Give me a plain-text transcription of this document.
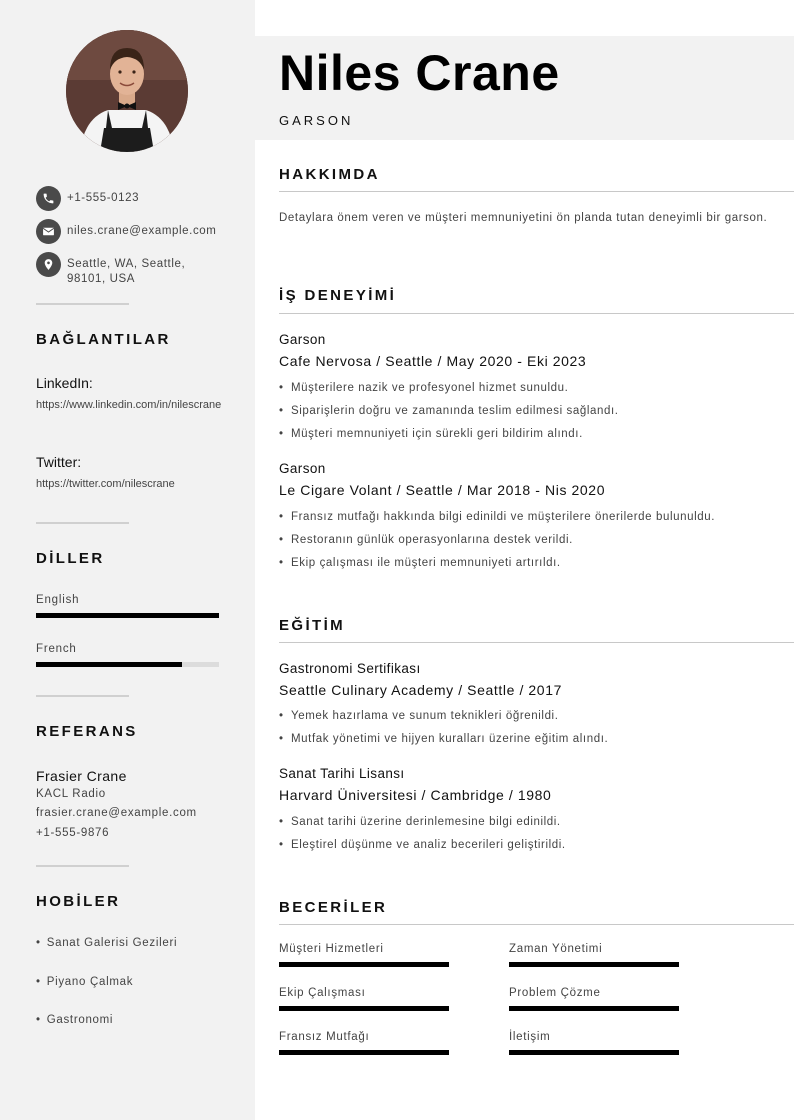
+1-555-0123
niles.crane@example.com
Seattle, WA, Seattle,
98101, USA
BAĞLANTILAR
LinkedIn:
https://www.linkedin.com/in/nilescrane
Twitter:
https://twitter.com/nilescrane
DİLLER
English
French
REFERANS
Frasier Crane
KACL Radio
frasier.crane@example.com
+1-555-9876
HOBİLER
• Sanat Galerisi Gezileri
• Piyano Çalmak
• Gastronomi
Niles Crane
GARSON
HAKKIMDA
Detaylara önem veren ve müşteri memnuniyetini ön planda tutan deneyimli bir garson.
İŞ DENEYİMİ
Garson
Cafe Nervosa / Seattle / May 2020 - Eki 2023
• Müşterilere nazik ve profesyonel hizmet sunuldu.
• Siparişlerin doğru ve zamanında teslim edilmesi sağlandı.
• Müşteri memnuniyeti için sürekli geri bildirim alındı.
Garson
Le Cigare Volant / Seattle / Mar 2018 - Nis 2020
• Fransız mutfağı hakkında bilgi edinildi ve müşterilere önerilerde bulunuldu.
• Restoranın günlük operasyonlarına destek verildi.
• Ekip çalışması ile müşteri memnuniyeti artırıldı.
EĞİTİM
Gastronomi Sertifikası
Seattle Culinary Academy / Seattle / 2017
• Yemek hazırlama ve sunum teknikleri öğrenildi.
• Mutfak yönetimi ve hijyen kuralları üzerine eğitim alındı.
Sanat Tarihi Lisansı
Harvard Üniversitesi / Cambridge / 1980
• Sanat tarihi üzerine derinlemesine bilgi edinildi.
• Eleştirel düşünme ve analiz becerileri geliştirildi.
BECERİLER
Müşteri Hizmetleri	Zaman Yönetimi
Ekip Çalışması	Problem Çözme
Fransız Mutfağı	İletişim
